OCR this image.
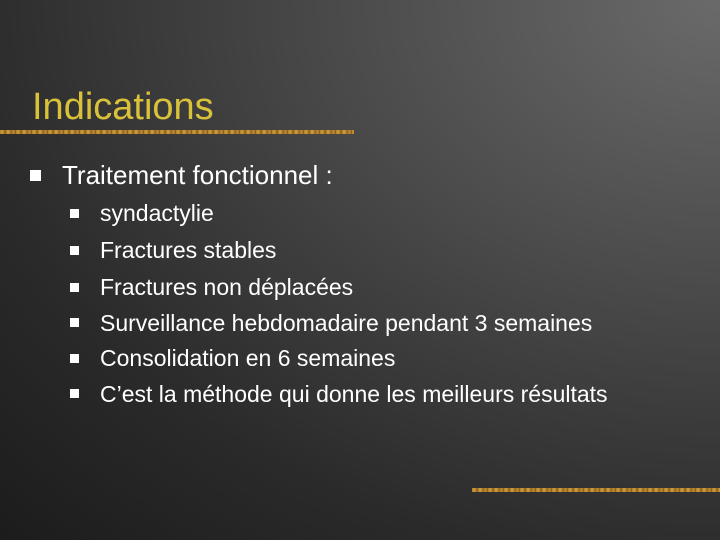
Indications
Traitement fonctionnel :
syndactylie
Fractures stables
Fractures non déplacées
Surveillance hebdomadaire pendant 3 semaines
Consolidation en 6 semaines
C’est la méthode qui donne les meilleurs résultats
